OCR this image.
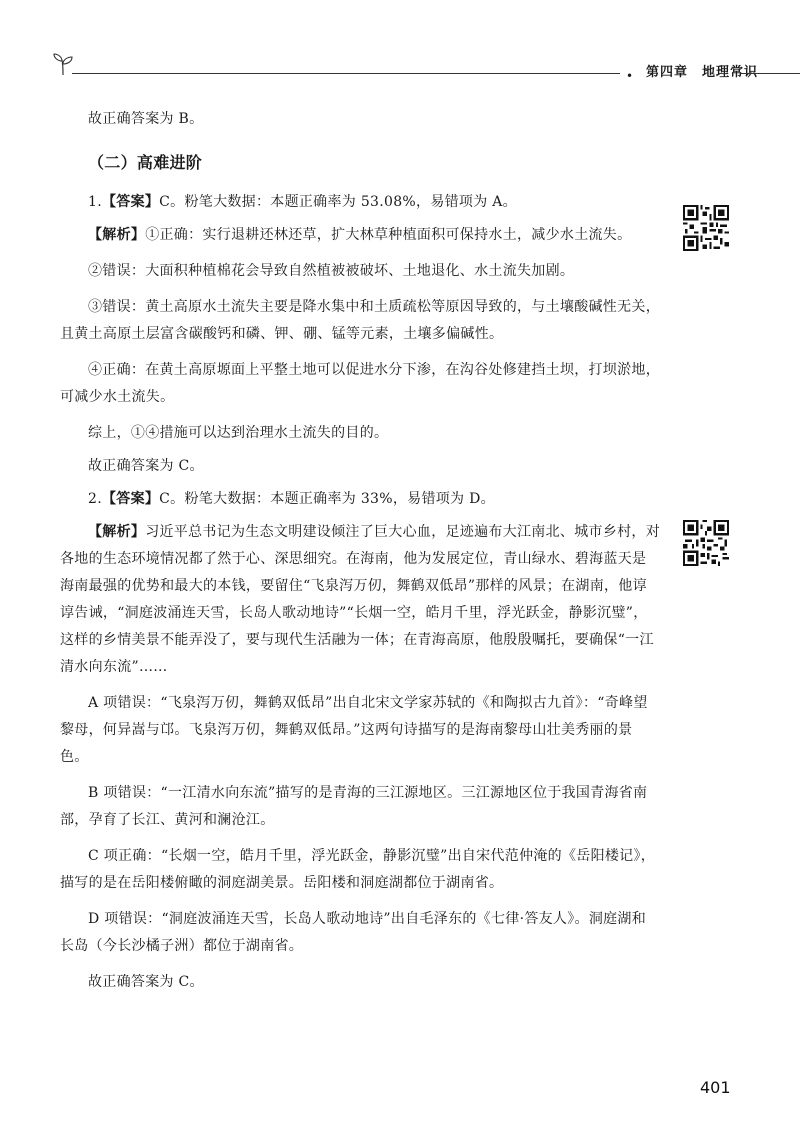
• 第四章 地理常识

故正确答案为 B。

（二）高难进阶

1.【答案】C。粉笔大数据：本题正确率为 53.08%，易错项为 A。

【解析】①正确：实行退耕还林还草，扩大林草种植面积可保持水土，减少水土流失。

②错误：大面积种植棉花会导致自然植被被破坏、土地退化、水土流失加剧。

③错误：黄土高原水土流失主要是降水集中和土质疏松等原因导致的，与土壤酸碱性无关，且黄土高原土层富含碳酸钙和磷、钾、硼、锰等元素，土壤多偏碱性。

④正确：在黄土高原塬面上平整土地可以促进水分下渗，在沟谷处修建挡土坝，打坝淤地，可减少水土流失。

综上，①④措施可以达到治理水土流失的目的。

故正确答案为 C。

2.【答案】C。粉笔大数据：本题正确率为 33%，易错项为 D。

【解析】习近平总书记为生态文明建设倾注了巨大心血，足迹遍布大江南北、城市乡村，对各地的生态环境情况都了然于心、深思细究。在海南，他为发展定位，青山绿水、碧海蓝天是海南最强的优势和最大的本钱，要留住“飞泉泻万仞，舞鹤双低昂”那样的风景；在湖南，他谆谆告诫，“洞庭波涌连天雪，长岛人歌动地诗”“长烟一空，皓月千里，浮光跃金，静影沉璧”，这样的乡情美景不能弄没了，要与现代生活融为一体；在青海高原，他殷殷嘱托，要确保“一江清水向东流”……

A 项错误：“飞泉泻万仞，舞鹤双低昂”出自北宋文学家苏轼的《和陶拟古九首》：“奇峰望黎母，何异嵩与邙。飞泉泻万仞，舞鹤双低昂。”这两句诗描写的是海南黎母山壮美秀丽的景色。

B 项错误：“一江清水向东流”描写的是青海的三江源地区。三江源地区位于我国青海省南部，孕育了长江、黄河和澜沧江。

C 项正确：“长烟一空，皓月千里，浮光跃金，静影沉璧”出自宋代范仲淹的《岳阳楼记》，描写的是在岳阳楼俯瞰的洞庭湖美景。岳阳楼和洞庭湖都位于湖南省。

D 项错误：“洞庭波涌连天雪，长岛人歌动地诗”出自毛泽东的《七律·答友人》。洞庭湖和长岛（今长沙橘子洲）都位于湖南省。

故正确答案为 C。

401
